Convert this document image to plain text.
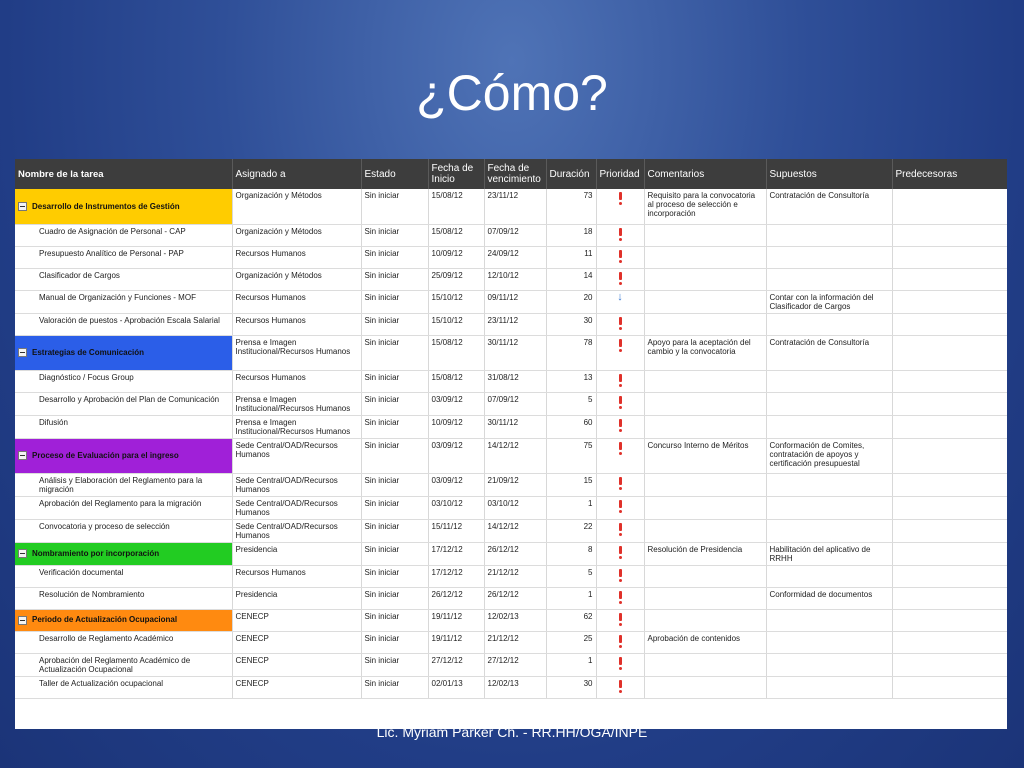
¿Cómo?
Nombre de la tarea	Asignado a	Estado	Fecha de Inicio	Fecha de vencimiento	Duración	Prioridad	Comentarios	Supuestos	Predecesoras
Desarrollo de Instrumentos de Gestión	Organización y Métodos	Sin iniciar	15/08/12	23/11/12	73		Requisito para la convocatoria al proceso de selección e incorporación	Contratación de Consultoría	
Cuadro de Asignación de Personal - CAP	Organización y Métodos	Sin iniciar	15/08/12	07/09/12	18				
Presupuesto Analítico de Personal - PAP	Recursos Humanos	Sin iniciar	10/09/12	24/09/12	11				
Clasificador de Cargos	Organización y Métodos	Sin iniciar	25/09/12	12/10/12	14				
Manual de Organización y Funciones - MOF	Recursos Humanos	Sin iniciar	15/10/12	09/11/12	20	↓		Contar con la información del Clasificador de Cargos	
Valoración de puestos - Aprobación Escala Salarial	Recursos Humanos	Sin iniciar	15/10/12	23/11/12	30				
Estrategias de Comunicación	Prensa e Imagen Institucional/Recursos Humanos	Sin iniciar	15/08/12	30/11/12	78		Apoyo para la aceptación del cambio y la convocatoria	Contratación de Consultoría	
Diagnóstico / Focus Group	Recursos Humanos	Sin iniciar	15/08/12	31/08/12	13				
Desarrollo y Aprobación del Plan de Comunicación	Prensa e Imagen Institucional/Recursos Humanos	Sin iniciar	03/09/12	07/09/12	5				
Difusión	Prensa e Imagen Institucional/Recursos Humanos	Sin iniciar	10/09/12	30/11/12	60				
Proceso de Evaluación para el ingreso	Sede Central/OAD/Recursos Humanos	Sin iniciar	03/09/12	14/12/12	75		Concurso Interno de Méritos	Conformación de Comites, contratación de apoyos y certificación presupuestal	
Análisis y Elaboración del Reglamento para la migración	Sede Central/OAD/Recursos Humanos	Sin iniciar	03/09/12	21/09/12	15				
Aprobación del Reglamento para la migración	Sede Central/OAD/Recursos Humanos	Sin iniciar	03/10/12	03/10/12	1				
Convocatoria y proceso de selección	Sede Central/OAD/Recursos Humanos	Sin iniciar	15/11/12	14/12/12	22				
Nombramiento por incorporación	Presidencia	Sin iniciar	17/12/12	26/12/12	8		Resolución de Presidencia	Habilitación del aplicativo de RRHH	
Verificación documental	Recursos Humanos	Sin iniciar	17/12/12	21/12/12	5				
Resolución de Nombramiento	Presidencia	Sin iniciar	26/12/12	26/12/12	1			Conformidad de documentos	
Periodo de Actualización Ocupacional	CENECP	Sin iniciar	19/11/12	12/02/13	62				
Desarrollo de Reglamento Académico	CENECP	Sin iniciar	19/11/12	21/12/12	25		Aprobación de contenidos		
Aprobación del Reglamento Académico de Actualización Ocupacional	CENECP	Sin iniciar	27/12/12	27/12/12	1				
Taller de Actualización ocupacional	CENECP	Sin iniciar	02/01/13	12/02/13	30				
Lic. Myriam Parker Ch. - RR.HH/OGA/INPE
